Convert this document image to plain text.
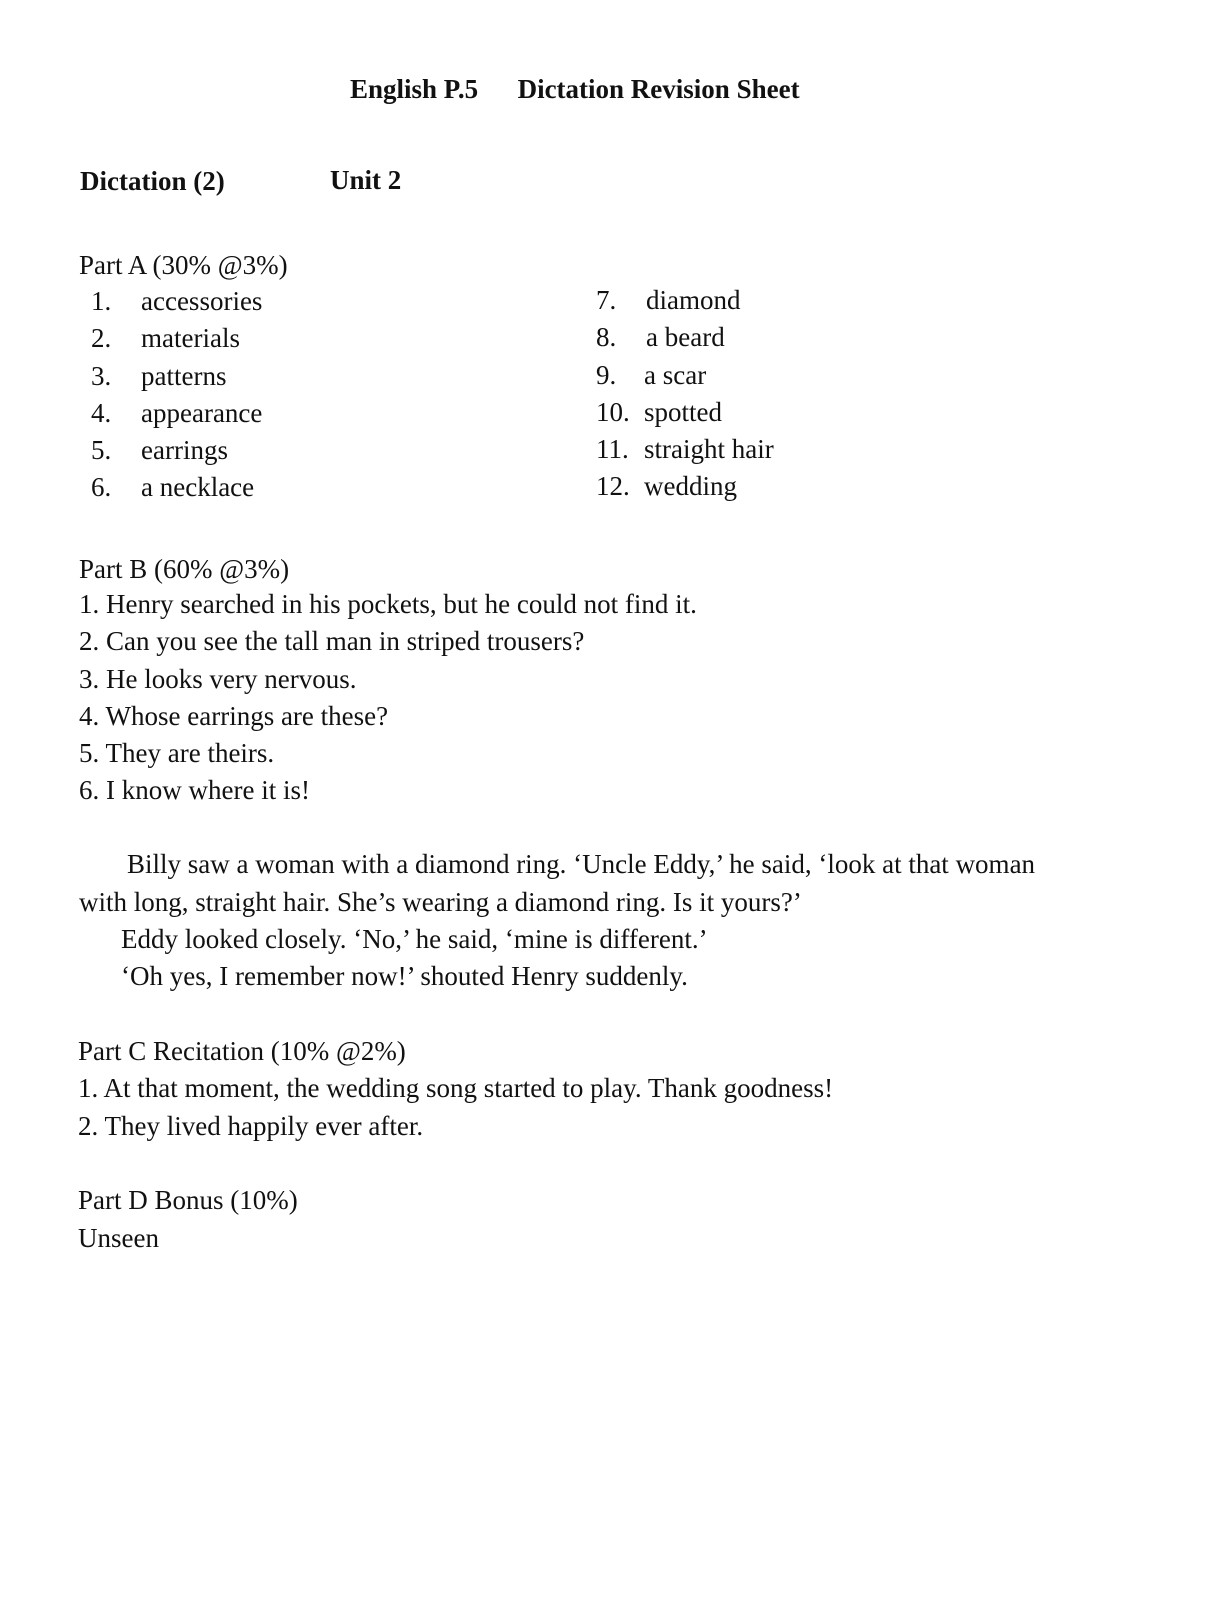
English P.5 Dictation Revision Sheet
Dictation (2)	Unit 2
Part A (30% @3%)
1. accessories
2. materials
3. patterns
4. appearance
5. earrings
6. a necklace
7. diamond
8. a beard
9. a scar
10. spotted
11. straight hair
12. wedding
Part B (60% @3%)
1. Henry searched in his pockets, but he could not find it.
2. Can you see the tall man in striped trousers?
3. He looks very nervous.
4. Whose earrings are these?
5. They are theirs.
6. I know where it is!
Billy saw a woman with a diamond ring. ‘Uncle Eddy,’ he said, ‘look at that woman
with long, straight hair. She’s wearing a diamond ring. Is it yours?’
Eddy looked closely. ‘No,’ he said, ‘mine is different.’
‘Oh yes, I remember now!’ shouted Henry suddenly.
Part C Recitation (10% @2%)
1. At that moment, the wedding song started to play. Thank goodness!
2. They lived happily ever after.
Part D Bonus (10%)
Unseen
